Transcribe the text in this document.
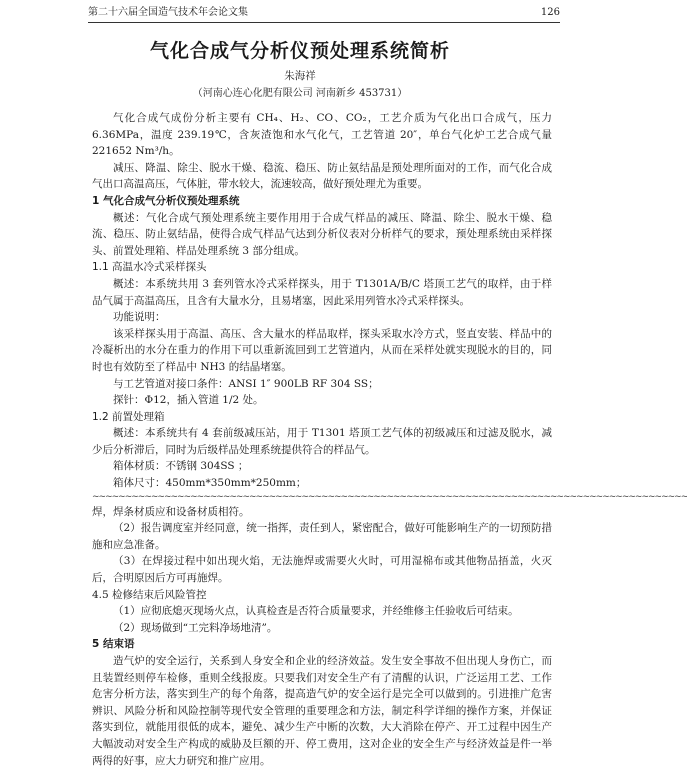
第二十六届全国造气技术年会论文集	126
气化合成气分析仪预处理系统简析
朱海祥
（河南心连心化肥有限公司 河南新乡 453731）

气化合成气成份分析主要有 CH₄、H₂、CO、CO₂，工艺介质为气化出口合成气，压力 6.36MPa，温度 239.19℃，含灰渣饱和水气化气，工艺管道 20″，单台气化炉工艺合成气量 221652 Nm³/h。

减压、降温、除尘、脱水干燥、稳流、稳压、防止氨结晶是预处理所面对的工作，而气化合成气出口高温高压，气体脏，带水较大，流速较高，做好预处理尤为重要。

1 气化合成气分析仪预处理系统

概述：气化合成气预处理系统主要作用用于合成气样品的减压、降温、除尘、脱水干燥、稳流、稳压、防止氨结晶，使得合成气样品气达到分析仪表对分析样气的要求，预处理系统由采样探头、前置处理箱、样品处理系统 3 部分组成。

1.1 高温水冷式采样探头

概述：本系统共用 3 套列管水冷式采样探头，用于 T1301A/B/C 塔顶工艺气的取样，由于样品气属于高温高压，且含有大量水分，且易堵塞，因此采用列管水冷式采样探头。

功能说明：

该采样探头用于高温、高压、含大量水的样品取样，探头采取水冷方式，竖直安装、样品中的冷凝析出的水分在重力的作用下可以重新流回到工艺管道内，从而在采样处就实现脱水的目的，同时也有效防至了样品中 NH3 的结晶堵塞。

与工艺管道对接口条件：ANSI 1″ 900LB RF 304 SS；

探针：Φ12，插入管道 1/2 处。

1.2 前置处理箱

概述：本系统共有 4 套前级减压站，用于 T1301 塔顶工艺气体的初级减压和过滤及脱水，减少后分析滞后，同时为后级样品处理系统提供符合的样品气。

箱体材质：不锈钢 304SS ；

箱体尺寸：450mm*350mm*250mm；

~~~~~~~~~~~~~~~~~~~~~~~~~~~~~~~~~~~~~~~~~~~~~~~~~~~~~~~~~~~~~~~~~~~~~~~~~~~~~~~~~~~~~~~~~~~

焊，焊条材质应和设备材质相符。

（2）报告调度室并经同意，统一指挥，责任到人，紧密配合，做好可能影响生产的一切预防措施和应急准备。

（3）在焊接过程中如出现火焰，无法施焊或需要火火时，可用湿棉布或其他物品捂盖，火灭后，合明原因后方可再施焊。

4.5 检修结束后风险管控

（1）应彻底熄灭现场火点，认真检查是否符合质量要求，并经维修主任验收后可结束。

（2）现场做到“工完料净场地清”。

5 结束语

造气炉的安全运行，关系到人身安全和企业的经济效益。发生安全事故不但出现人身伤亡，而且装置经则停车检修，重则全线报废。只要我们对安全生产有了清醒的认识，广泛运用工艺、工作危害分析方法，落实到生产的每个角落，提高造气炉的安全运行是完全可以做到的。引进推广危害辨识、风险分析和风险控制等现代安全管理的重要理念和方法，制定科学详细的操作方案，并保证落实到位，就能用很低的成本，避免、减少生产中断的次数，大大消除在停产、开工过程中因生产大幅波动对安全生产构成的威胁及巨额的开、停工费用，这对企业的安全生产与经济效益是件一举两得的好事，应大力研究和推广应用。
